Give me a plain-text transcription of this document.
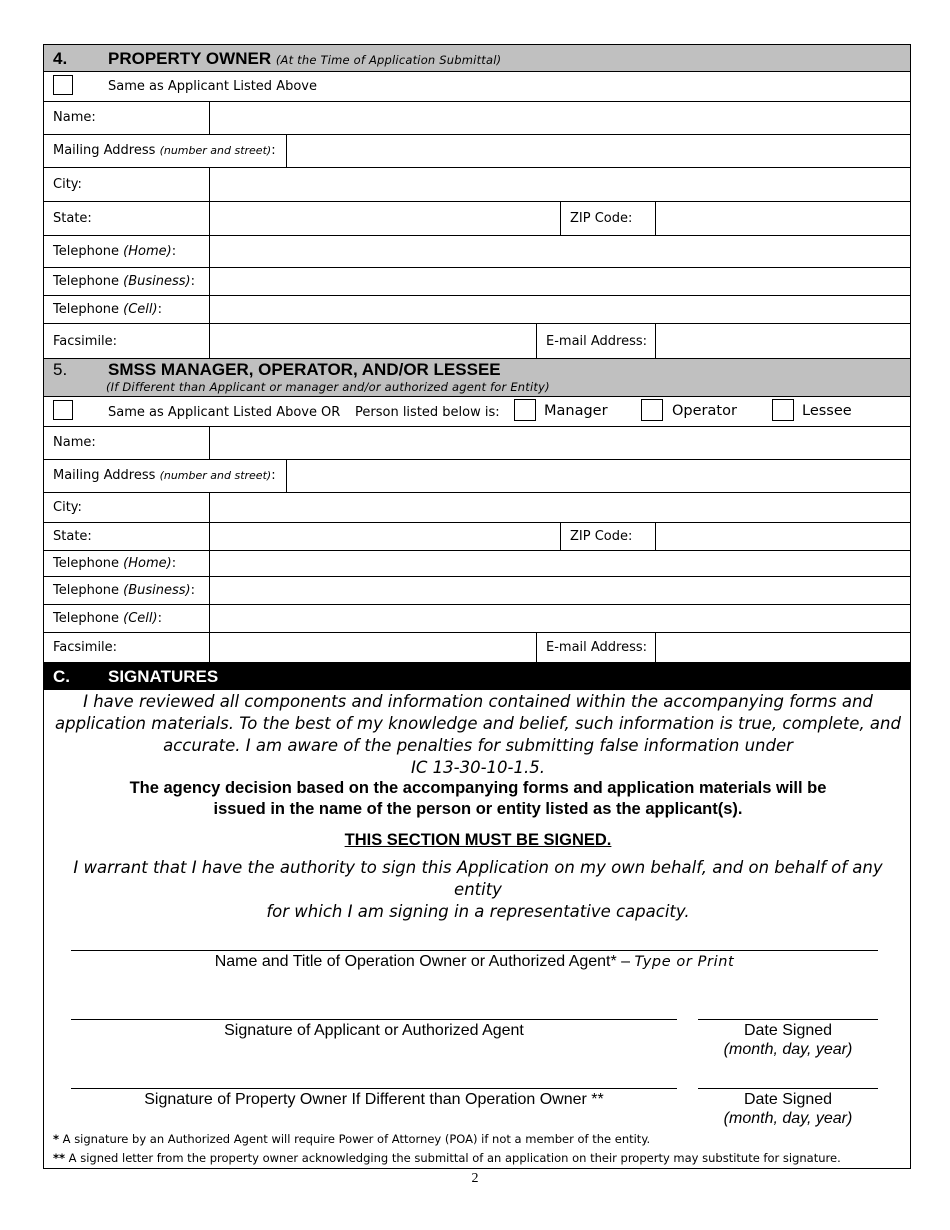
4. PROPERTY OWNER (At the Time of Application Submittal)
Same as Applicant Listed Above
Name:
Mailing Address (number and street):
City:
State:	ZIP Code:
Telephone (Home):
Telephone (Business):
Telephone (Cell):
Facsimile:	E-mail Address:
5. SMSS MANAGER, OPERATOR, AND/OR LESSEE
(If Different than Applicant or manager and/or authorized agent for Entity)
Same as Applicant Listed Above OR Person listed below is:	Manager	Operator	Lessee
Name:
Mailing Address (number and street):
City:
State:	ZIP Code:
Telephone (Home):
Telephone (Business):
Telephone (Cell):
Facsimile:	E-mail Address:
C. SIGNATURES
I have reviewed all components and information contained within the accompanying forms and
application materials. To the best of my knowledge and belief, such information is true, complete, and
accurate. I am aware of the penalties for submitting false information under
IC 13-30-10-1.5.
The agency decision based on the accompanying forms and application materials will be
issued in the name of the person or entity listed as the applicant(s).
THIS SECTION MUST BE SIGNED.
I warrant that I have the authority to sign this Application on my own behalf, and on behalf of any entity
for which I am signing in a representative capacity.
Name and Title of Operation Owner or Authorized Agent* – Type or Print
Signature of Applicant or Authorized Agent	Date Signed
(month, day, year)
Signature of Property Owner If Different than Operation Owner **	Date Signed
(month, day, year)
* A signature by an Authorized Agent will require Power of Attorney (POA) if not a member of the entity.
** A signed letter from the property owner acknowledging the submittal of an application on their property may substitute for signature.
2
